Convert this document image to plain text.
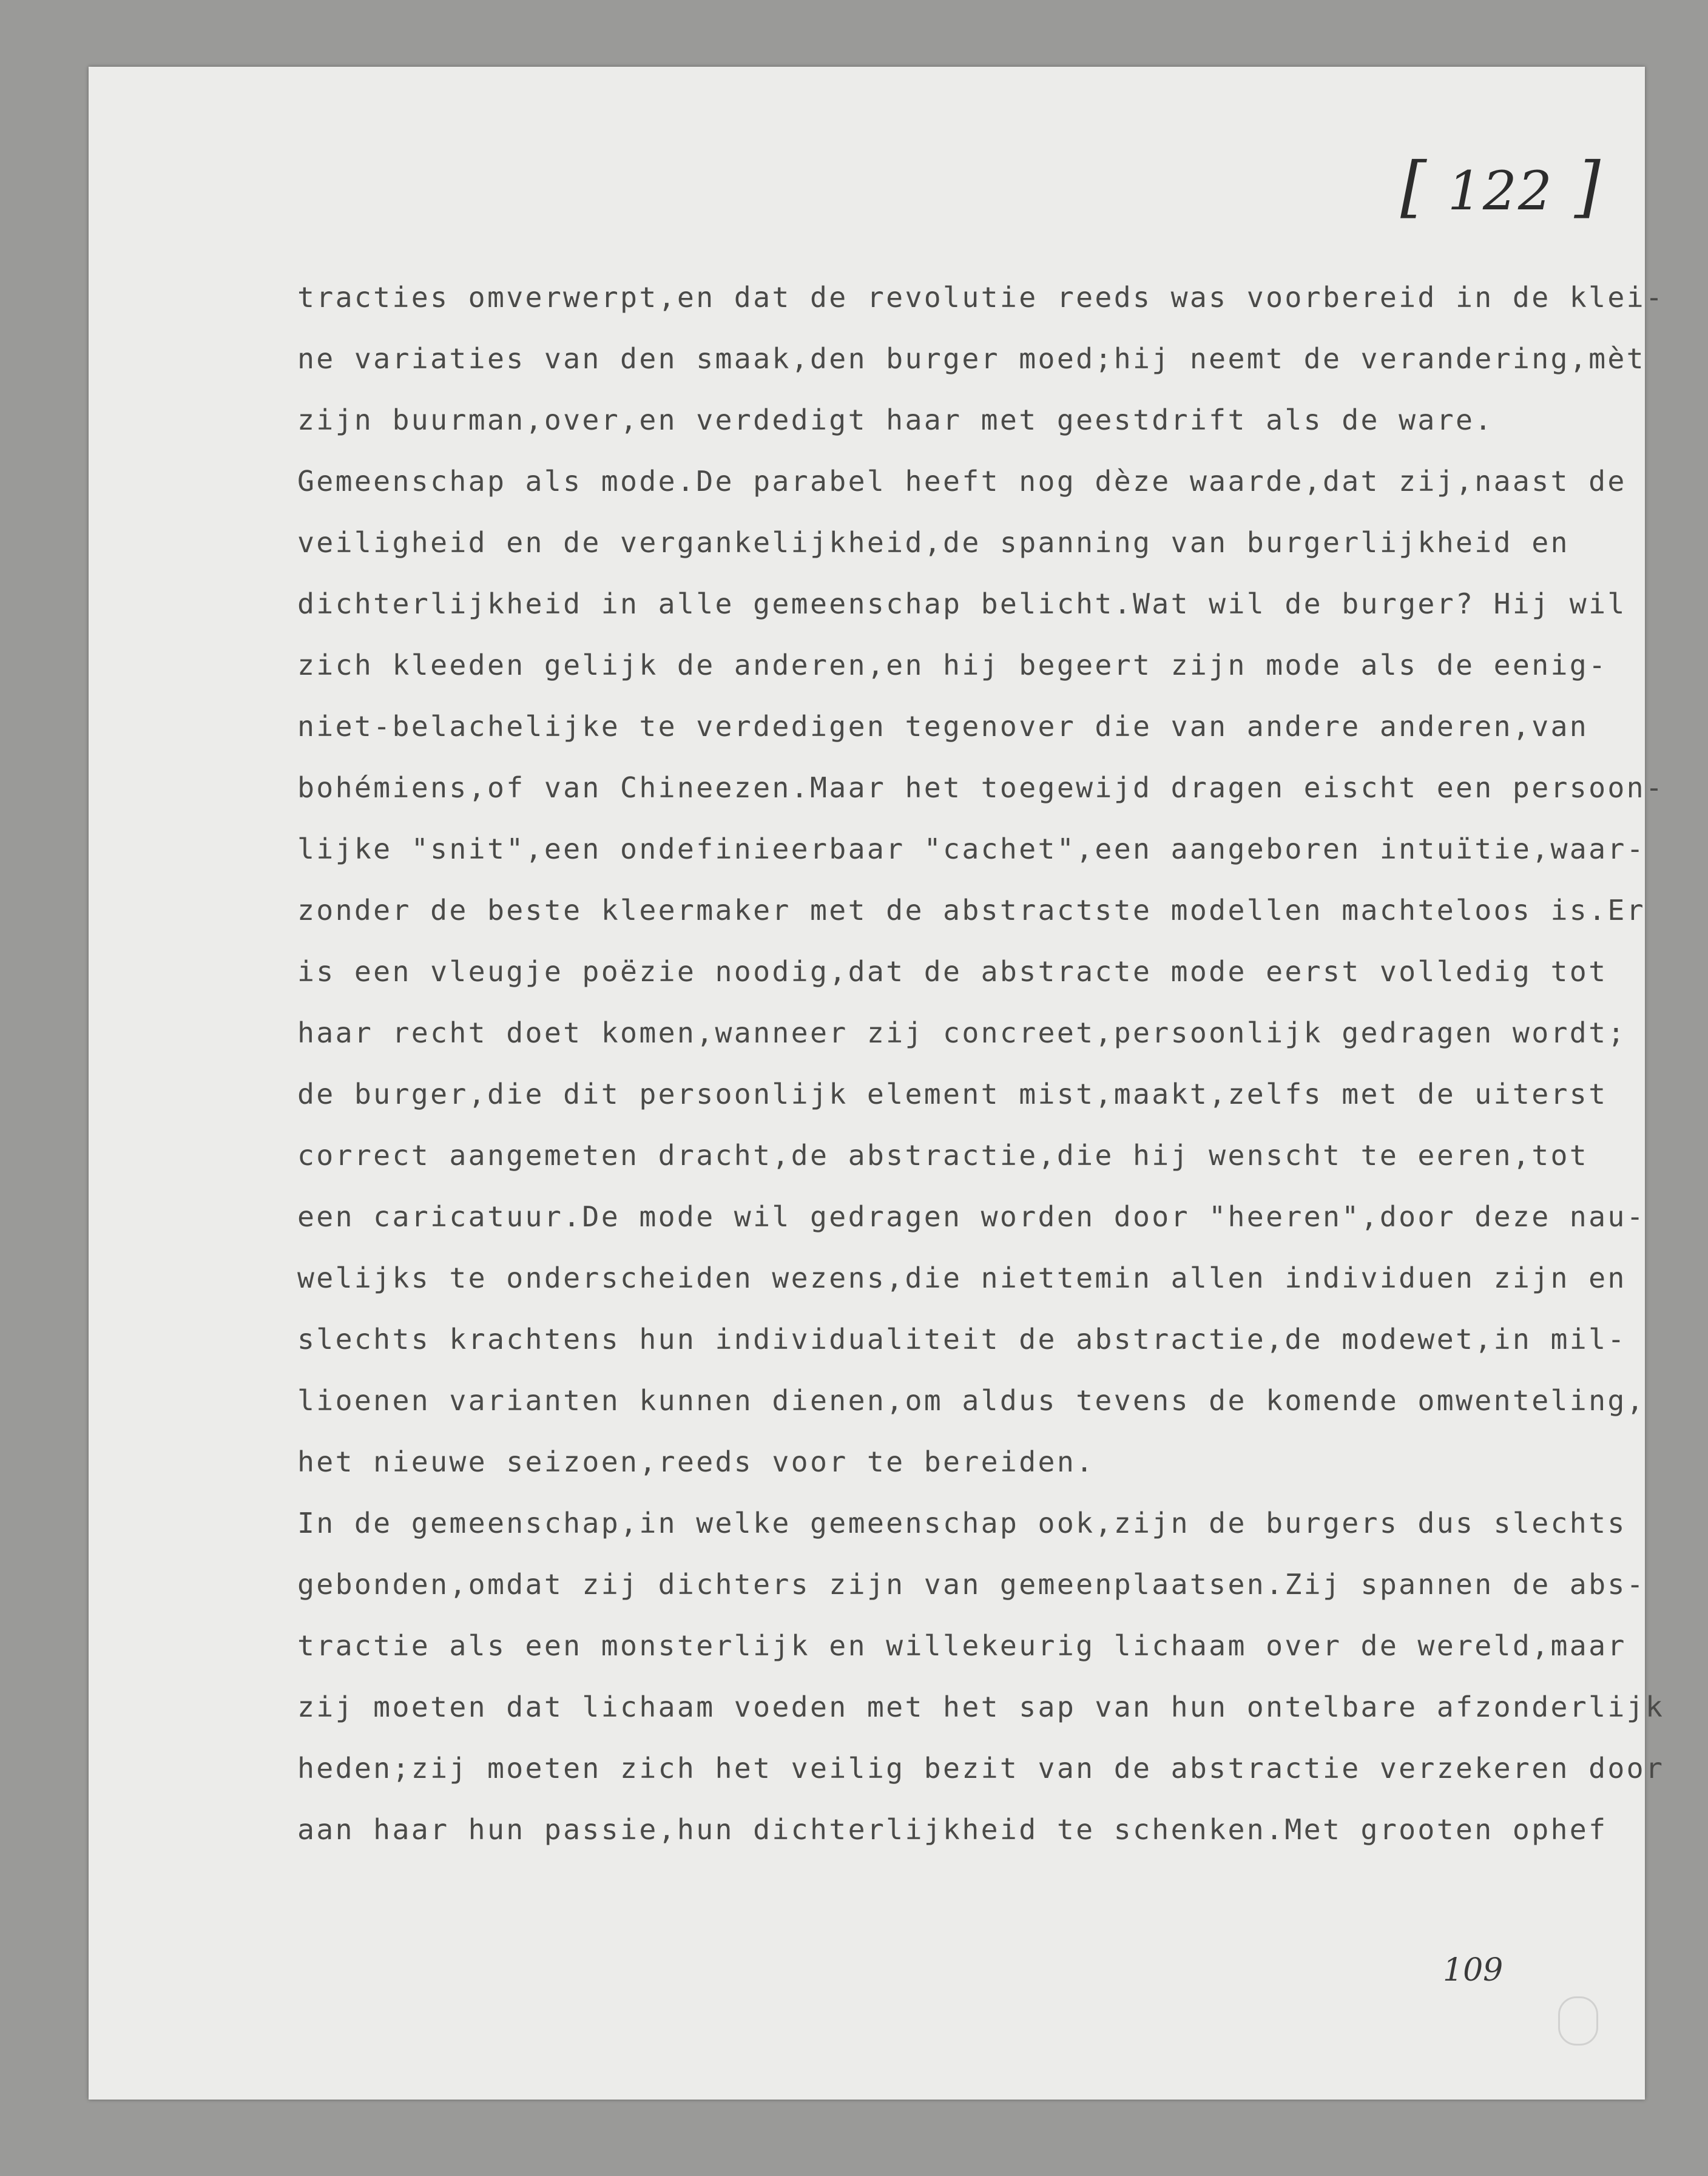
[ 122 ]
tracties omverwerpt,en dat de revolutie reeds was voorbereid in de klei-
ne variaties van den smaak,den burger moed;hij neemt de verandering,mèt
zijn buurman,over,en verdedigt haar met geestdrift als de ware.
Gemeenschap als mode.De parabel heeft nog dèze waarde,dat zij,naast de
veiligheid en de vergankelijkheid,de spanning van burgerlijkheid en
dichterlijkheid in alle gemeenschap belicht.Wat wil de burger? Hij wil
zich kleeden gelijk de anderen,en hij begeert zijn mode als de eenig-
niet-belachelijke te verdedigen tegenover die van andere anderen,van
bohémiens,of van Chineezen.Maar het toegewijd dragen eischt een persoon-
lijke "snit",een ondefinieerbaar "cachet",een aangeboren intuïtie,waar-
zonder de beste kleermaker met de abstractste modellen machteloos is.Er
is een vleugje poëzie noodig,dat de abstracte mode eerst volledig tot
haar recht doet komen,wanneer zij concreet,persoonlijk gedragen wordt;
de burger,die dit persoonlijk element mist,maakt,zelfs met de uiterst
correct aangemeten dracht,de abstractie,die hij wenscht te eeren,tot
een caricatuur.De mode wil gedragen worden door "heeren",door deze nau-
welijks te onderscheiden wezens,die niettemin allen individuen zijn en
slechts krachtens hun individualiteit de abstractie,de modewet,in mil-
lioenen varianten kunnen dienen,om aldus tevens de komende omwenteling,
het nieuwe seizoen,reeds voor te bereiden.
In de gemeenschap,in welke gemeenschap ook,zijn de burgers dus slechts
gebonden,omdat zij dichters zijn van gemeenplaatsen.Zij spannen de abs-
tractie als een monsterlijk en willekeurig lichaam over de wereld,maar
zij moeten dat lichaam voeden met het sap van hun ontelbare afzonderlijk
heden;zij moeten zich het veilig bezit van de abstractie verzekeren door
aan haar hun passie,hun dichterlijkheid te schenken.Met grooten ophef
109
